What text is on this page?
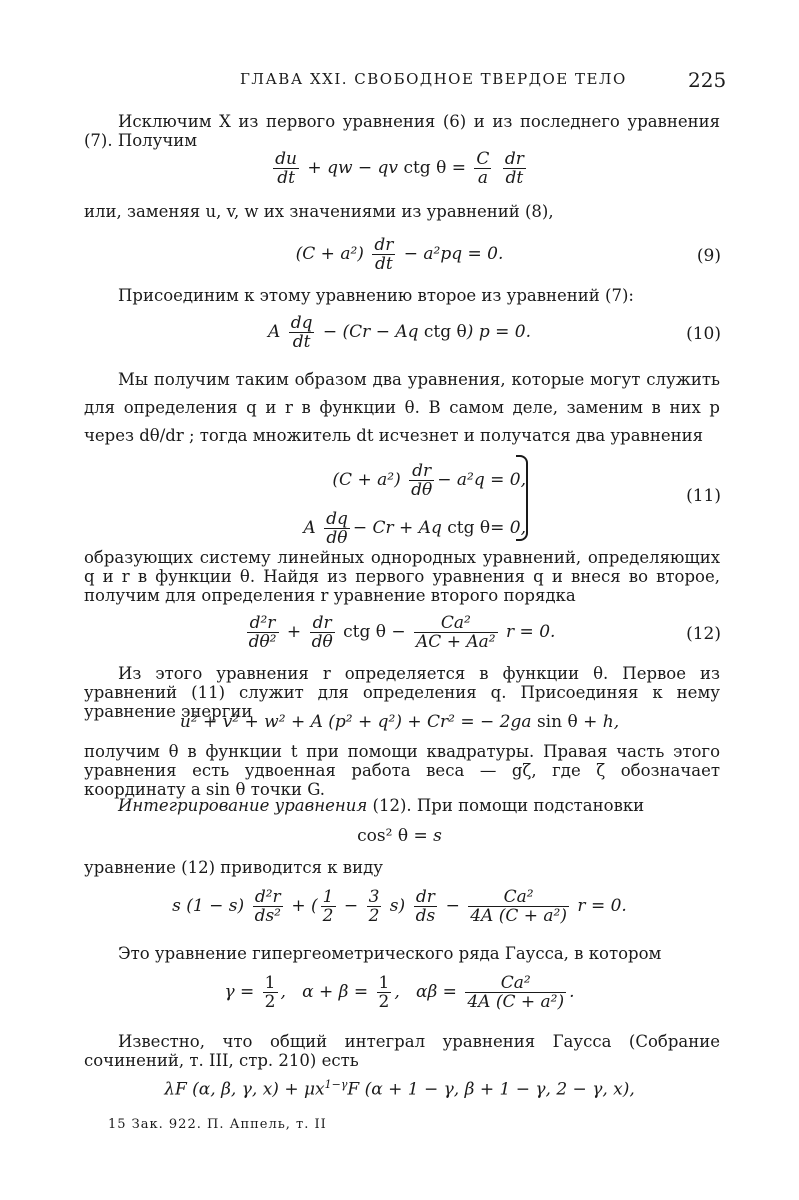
ГЛАВА XXI. СВОБОДНОЕ ТВЕРДОЕ ТЕЛО	225
Исключим X из первого уравнения (6) и из последнего уравнения (7). Получим
$\frac{du}{dt}$ + qw − qv ctg $\theta = \frac{C}{a}$
$\frac{dr}{dt}$
или, заменяя u, v, w их значениями из уравнений (8),
$(C + a^2) \frac{dr}{dt} - a^2pq = 0$.	(9)
Присоединим к этому уравнению второе из уравнений (7):
A $\frac{dq}{dt} - (Cr - Aq$ ctg θ) p = 0.	(10)
Мы получим таким образом два уравнения, которые могут служить для определения q и r в функции θ. В самом деле, заменим в них p через dθ/dr ; тогда множитель dt исчезнет и получатся два уравнения
$(C + a^2) \frac{dr}{d\theta} - a^2q = 0$,
A $\frac{dq}{d\theta} - Cr + Aq$ ctg θ = 0,
(11)
образующих систему линейных однородных уравнений, определяющих q и r в функции θ. Найдя из первого уравнения q и внеся во второе, получим для определения r уравнение второго порядка
$\frac{\text{d²r}}{\text{dθ²}} + \frac{dr}{d\theta}$ ctg $\theta - \frac{\text{Ca²}}{\text{AC + Aa²}}$ r = 0.	(12)
Из этого уравнения r определяется в функции θ. Первое из уравнений (11) служит для определения q. Присоединяя к нему уравнение энергии
u² + v² + w² + A (p² + q²) + Cr² = − 2ga sin θ + h,
получим θ в функции t при помощи квадратуры. Правая часть этого уравнения есть удвоенная работа веса — gζ, где ζ обозначает координату a sin θ точки G.
Интегрирование уравнения (12). При помощи подстановки
cos² θ = s
уравнение (12) приводится к виду
s $(1 - s) \frac{\text{d²r}}{\text{ds²}}$ + ( $\frac{1}{2} - \frac{3}{2} s) \frac{dr}{ds} - \frac{\text{Ca²}}{\text{4A (C + a²)}}$ r = 0.
Это уравнение гипергеометрического ряда Гаусса, в котором
$\gamma = \frac{1}{2}$ ,   $\alpha + \beta = \frac{1}{2}$ ,   $\alpha\beta = \frac{\text{Ca²}}{\text{4A (C + a²)}}$ .
Известно, что общий интеграл уравнения Гаусса (Собрание сочинений, т. III, стр. 210) есть
λF (α, β, γ, $x) + \mu x^{1-\gamma}F$ (α + 1 − γ, β + 1 − γ, 2 − γ, x),
15 Зак. 922. П. Аппель, т. II
